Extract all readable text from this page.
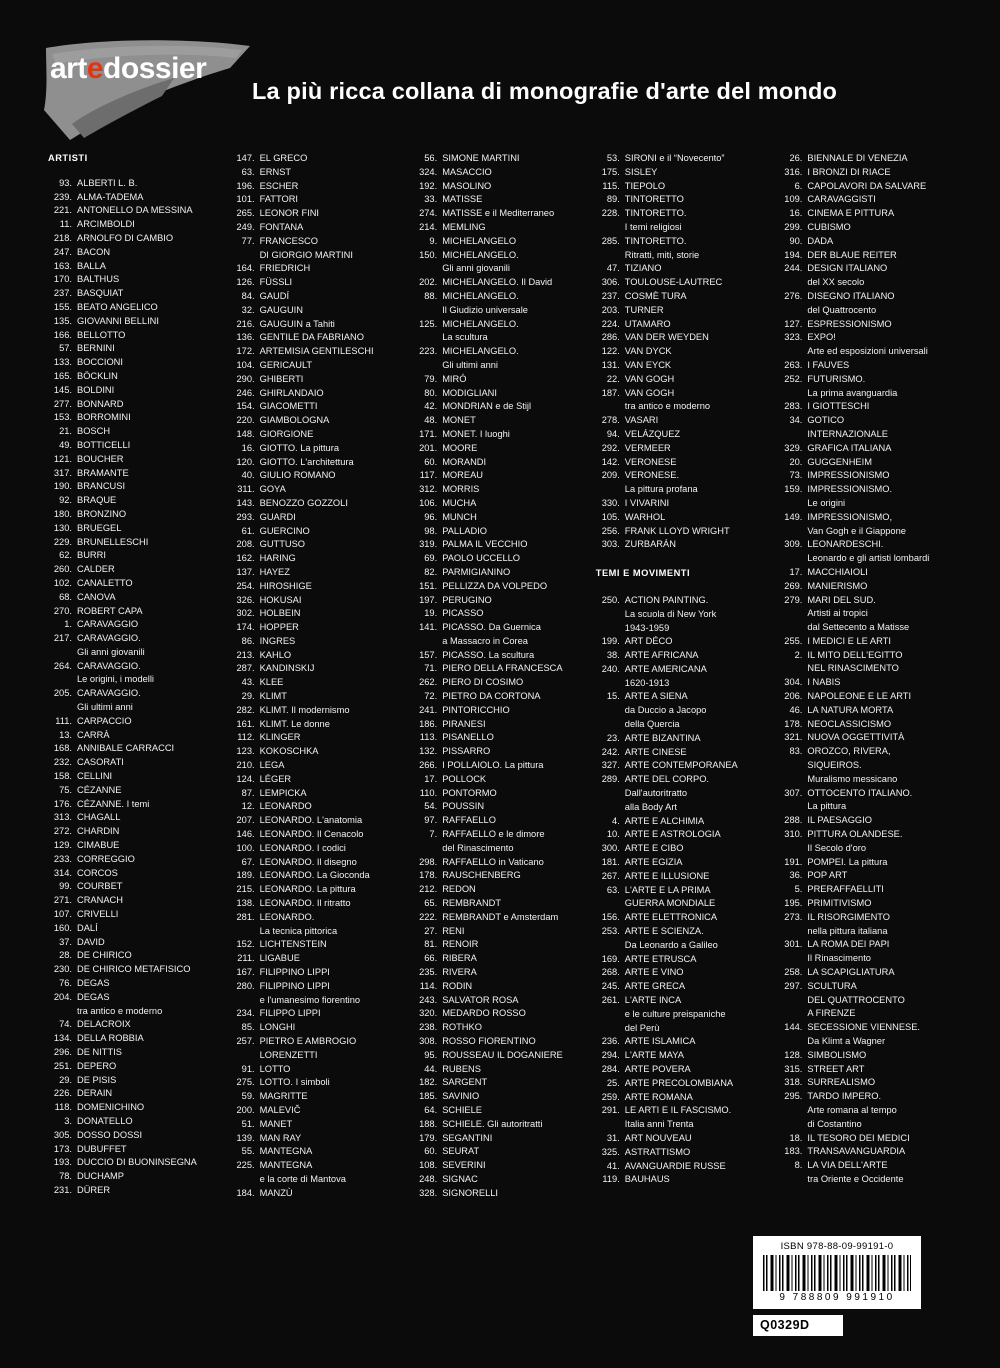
artedossier
La più ricca collana di monografie d'arte del mondo
ARTISTI
93. ALBERTI L. B.
239. ALMA-TADEMA
221. ANTONELLO DA MESSINA
11. ARCIMBOLDI
218. ARNOLFO DI CAMBIO
247. BACON
163. BALLA
170. BALTHUS
237. BASQUIAT
155. BEATO ANGELICO
135. GIOVANNI BELLINI
166. BELLOTTO
57. BERNINI
133. BOCCIONI
165. BÖCKLIN
145. BOLDINI
277. BONNARD
153. BORROMINI
21. BOSCH
49. BOTTICELLI
121. BOUCHER
317. BRAMANTE
190. BRANCUSI
92. BRAQUE
180. BRONZINO
130. BRUEGEL
229. BRUNELLESCHI
62. BURRI
260. CALDER
102. CANALETTO
68. CANOVA
270. ROBERT CAPA
1. CARAVAGGIO
217. CARAVAGGIO.
Gli anni giovanili
264. CARAVAGGIO.
Le origini, i modelli
205. CARAVAGGIO.
Gli ultimi anni
111. CARPACCIO
13. CARRÀ
168. ANNIBALE CARRACCI
232. CASORATI
158. CELLINI
75. CÉZANNE
176. CÉZANNE. I temi
313. CHAGALL
272. CHARDIN
129. CIMABUE
233. CORREGGIO
314. CORCOS
99. COURBET
271. CRANACH
107. CRIVELLI
160. DALÍ
37. DAVID
28. DE CHIRICO
230. DE CHIRICO METAFISICO
76. DEGAS
204. DEGAS
tra antico e moderno
74. DELACROIX
134. DELLA ROBBIA
296. DE NITTIS
251. DEPERO
29. DE PISIS
226. DERAIN
118. DOMENICHINO
3. DONATELLO
305. DOSSO DOSSI
173. DUBUFFET
193. DUCCIO DI BUONINSEGNA
78. DUCHAMP
231. DÜRER
147. EL GRECO
63. ERNST
196. ESCHER
101. FATTORI
265. LEONOR FINI
249. FONTANA
77. FRANCESCO
DI GIORGIO MARTINI
164. FRIEDRICH
126. FÜSSLI
84. GAUDÍ
32. GAUGUIN
216. GAUGUIN a Tahiti
136. GENTILE DA FABRIANO
172. ARTEMISIA GENTILESCHI
104. GERICAULT
290. GHIBERTI
246. GHIRLANDAIO
154. GIACOMETTI
220. GIAMBOLOGNA
148. GIORGIONE
16. GIOTTO. La pittura
120. GIOTTO. L'architettura
40. GIULIO ROMANO
311. GOYA
143. BENOZZO GOZZOLI
293. GUARDI
61. GUERCINO
208. GUTTUSO
162. HARING
137. HAYEZ
254. HIROSHIGE
326. HOKUSAI
302. HOLBEIN
174. HOPPER
86. INGRES
213. KAHLO
287. KANDINSKIJ
43. KLEE
29. KLIMT
282. KLIMT. Il modernismo
161. KLIMT. Le donne
112. KLINGER
123. KOKOSCHKA
210. LEGA
124. LÉGER
87. LEMPICKA
12. LEONARDO
207. LEONARDO. L'anatomia
146. LEONARDO. Il Cenacolo
100. LEONARDO. I codici
67. LEONARDO. Il disegno
189. LEONARDO. La Gioconda
215. LEONARDO. La pittura
138. LEONARDO. Il ritratto
281. LEONARDO.
La tecnica pittorica
152. LICHTENSTEIN
211. LIGABUE
167. FILIPPINO LIPPI
280. FILIPPINO LIPPI
e l'umanesimo fiorentino
234. FILIPPO LIPPI
85. LONGHI
257. PIETRO E AMBROGIO
LORENZETTI
91. LOTTO
275. LOTTO. I simboli
59. MAGRITTE
200. MALEVIČ
51. MANET
139. MAN RAY
55. MANTEGNA
225. MANTEGNA
e la corte di Mantova
184. MANZÙ
56. SIMONE MARTINI
324. MASACCIO
192. MASOLINO
33. MATISSE
274. MATISSE e il Mediterraneo
214. MEMLING
9. MICHELANGELO
150. MICHELANGELO.
Gli anni giovanili
202. MICHELANGELO. Il David
88. MICHELANGELO.
Il Giudizio universale
125. MICHELANGELO.
La scultura
223. MICHELANGELO.
Gli ultimi anni
79. MIRÓ
80. MODIGLIANI
42. MONDRIAN e de Stijl
48. MONET
171. MONET. I luoghi
201. MOORE
60. MORANDI
117. MOREAU
312. MORRIS
106. MUCHA
96. MUNCH
98. PALLADIO
319. PALMA IL VECCHIO
69. PAOLO UCCELLO
82. PARMIGIANINO
151. PELLIZZA DA VOLPEDO
197. PERUGINO
19. PICASSO
141. PICASSO. Da Guernica
a Massacro in Corea
157. PICASSO. La scultura
71. PIERO DELLA FRANCESCA
262. PIERO DI COSIMO
72. PIETRO DA CORTONA
241. PINTORICCHIO
186. PIRANESI
113. PISANELLO
132. PISSARRO
266. I POLLAIOLO. La pittura
17. POLLOCK
110. PONTORMO
54. POUSSIN
97. RAFFAELLO
7. RAFFAELLO e le dimore
del Rinascimento
298. RAFFAELLO in Vaticano
178. RAUSCHENBERG
212. REDON
65. REMBRANDT
222. REMBRANDT e Amsterdam
27. RENI
81. RENOIR
66. RIBERA
235. RIVERA
114. RODIN
243. SALVATOR ROSA
320. MEDARDO ROSSO
238. ROTHKO
308. ROSSO FIORENTINO
95. ROUSSEAU IL DOGANIERE
44. RUBENS
182. SARGENT
185. SAVINIO
64. SCHIELE
188. SCHIELE. Gli autoritratti
179. SEGANTINI
60. SEURAT
108. SEVERINI
248. SIGNAC
328. SIGNORELLI
53. SIRONI e il “Novecento”
175. SISLEY
115. TIEPOLO
89. TINTORETTO
228. TINTORETTO.
I temi religiosi
285. TINTORETTO.
Ritratti, miti, storie
47. TIZIANO
306. TOULOUSE-LAUTREC
237. COSMÈ TURA
203. TURNER
224. UTAMARO
286. VAN DER WEYDEN
122. VAN DYCK
131. VAN EYCK
22. VAN GOGH
187. VAN GOGH
tra antico e moderno
278. VASARI
94. VELÁZQUEZ
292. VERMEER
142. VERONESE
209. VERONESE.
La pittura profana
330. I VIVARINI
105. WARHOL
256. FRANK LLOYD WRIGHT
303. ZURBARÁN
TEMI E MOVIMENTI
250. ACTION PAINTING.
La scuola di New York
1943-1959
199. ART DÉCO
38. ARTE AFRICANA
240. ARTE AMERICANA
1620-1913
15. ARTE A SIENA
da Duccio a Jacopo
della Quercia
23. ARTE BIZANTINA
242. ARTE CINESE
327. ARTE CONTEMPORANEA
289. ARTE DEL CORPO.
Dall'autoritratto
alla Body Art
4. ARTE E ALCHIMIA
10. ARTE E ASTROLOGIA
300. ARTE E CIBO
181. ARTE EGIZIA
267. ARTE E ILLUSIONE
63. L'ARTE E LA PRIMA
GUERRA MONDIALE
156. ARTE ELETTRONICA
253. ARTE E SCIENZA.
Da Leonardo a Galileo
169. ARTE ETRUSCA
268. ARTE E VINO
245. ARTE GRECA
261. L'ARTE INCA
e le culture preispaniche
del Perù
236. ARTE ISLAMICA
294. L'ARTE MAYA
284. ARTE POVERA
25. ARTE PRECOLOMBIANA
259. ARTE ROMANA
291. LE ARTI E IL FASCISMO.
Italia anni Trenta
31. ART NOUVEAU
325. ASTRATTISMO
41. AVANGUARDIE RUSSE
119. BAUHAUS
26. BIENNALE DI VENEZIA
316. I BRONZI DI RIACE
6. CAPOLAVORI DA SALVARE
109. CARAVAGGISTI
16. CINEMA E PITTURA
299. CUBISMO
90. DADA
194. DER BLAUE REITER
244. DESIGN ITALIANO
del XX secolo
276. DISEGNO ITALIANO
del Quattrocento
127. ESPRESSIONISMO
323. EXPO!
Arte ed esposizioni universali
263. I FAUVES
252. FUTURISMO.
La prima avanguardia
283. I GIOTTESCHI
34. GOTICO
INTERNAZIONALE
329. GRAFICA ITALIANA
20. GUGGENHEIM
73. IMPRESSIONISMO
159. IMPRESSIONISMO.
Le origini
149. IMPRESSIONISMO,
Van Gogh e il Giappone
309. LEONARDESCHI.
Leonardo e gli artisti lombardi
17. MACCHIAIOLI
269. MANIERISMO
279. MARI DEL SUD.
Artisti ai tropici
dal Settecento a Matisse
255. I MEDICI E LE ARTI
2. IL MITO DELL'EGITTO
NEL RINASCIMENTO
304. I NABIS
206. NAPOLEONE E LE ARTI
46. LA NATURA MORTA
178. NEOCLASSICISMO
321. NUOVA OGGETTIVITÀ
83. OROZCO, RIVERA,
SIQUEIROS.
Muralismo messicano
307. OTTOCENTO ITALIANO.
La pittura
288. IL PAESAGGIO
310. PITTURA OLANDESE.
Il Secolo d'oro
191. POMPEI. La pittura
36. POP ART
5. PRERAFFAELLITI
195. PRIMITIVISMO
273. IL RISORGIMENTO
nella pittura italiana
301. LA ROMA DEI PAPI
Il Rinascimento
258. LA SCAPIGLIATURA
297. SCULTURA
DEL QUATTROCENTO
A FIRENZE
144. SECESSIONE VIENNESE.
Da Klimt a Wagner
128. SIMBOLISMO
315. STREET ART
318. SURREALISMO
295. TARDO IMPERO.
Arte romana al tempo
di Costantino
18. IL TESORO DEI MEDICI
183. TRANSAVANGUARDIA
8. LA VIA DELL'ARTE
tra Oriente e Occidente
ISBN 978-88-09-99191-0
9 788809 991910
Q0329D
